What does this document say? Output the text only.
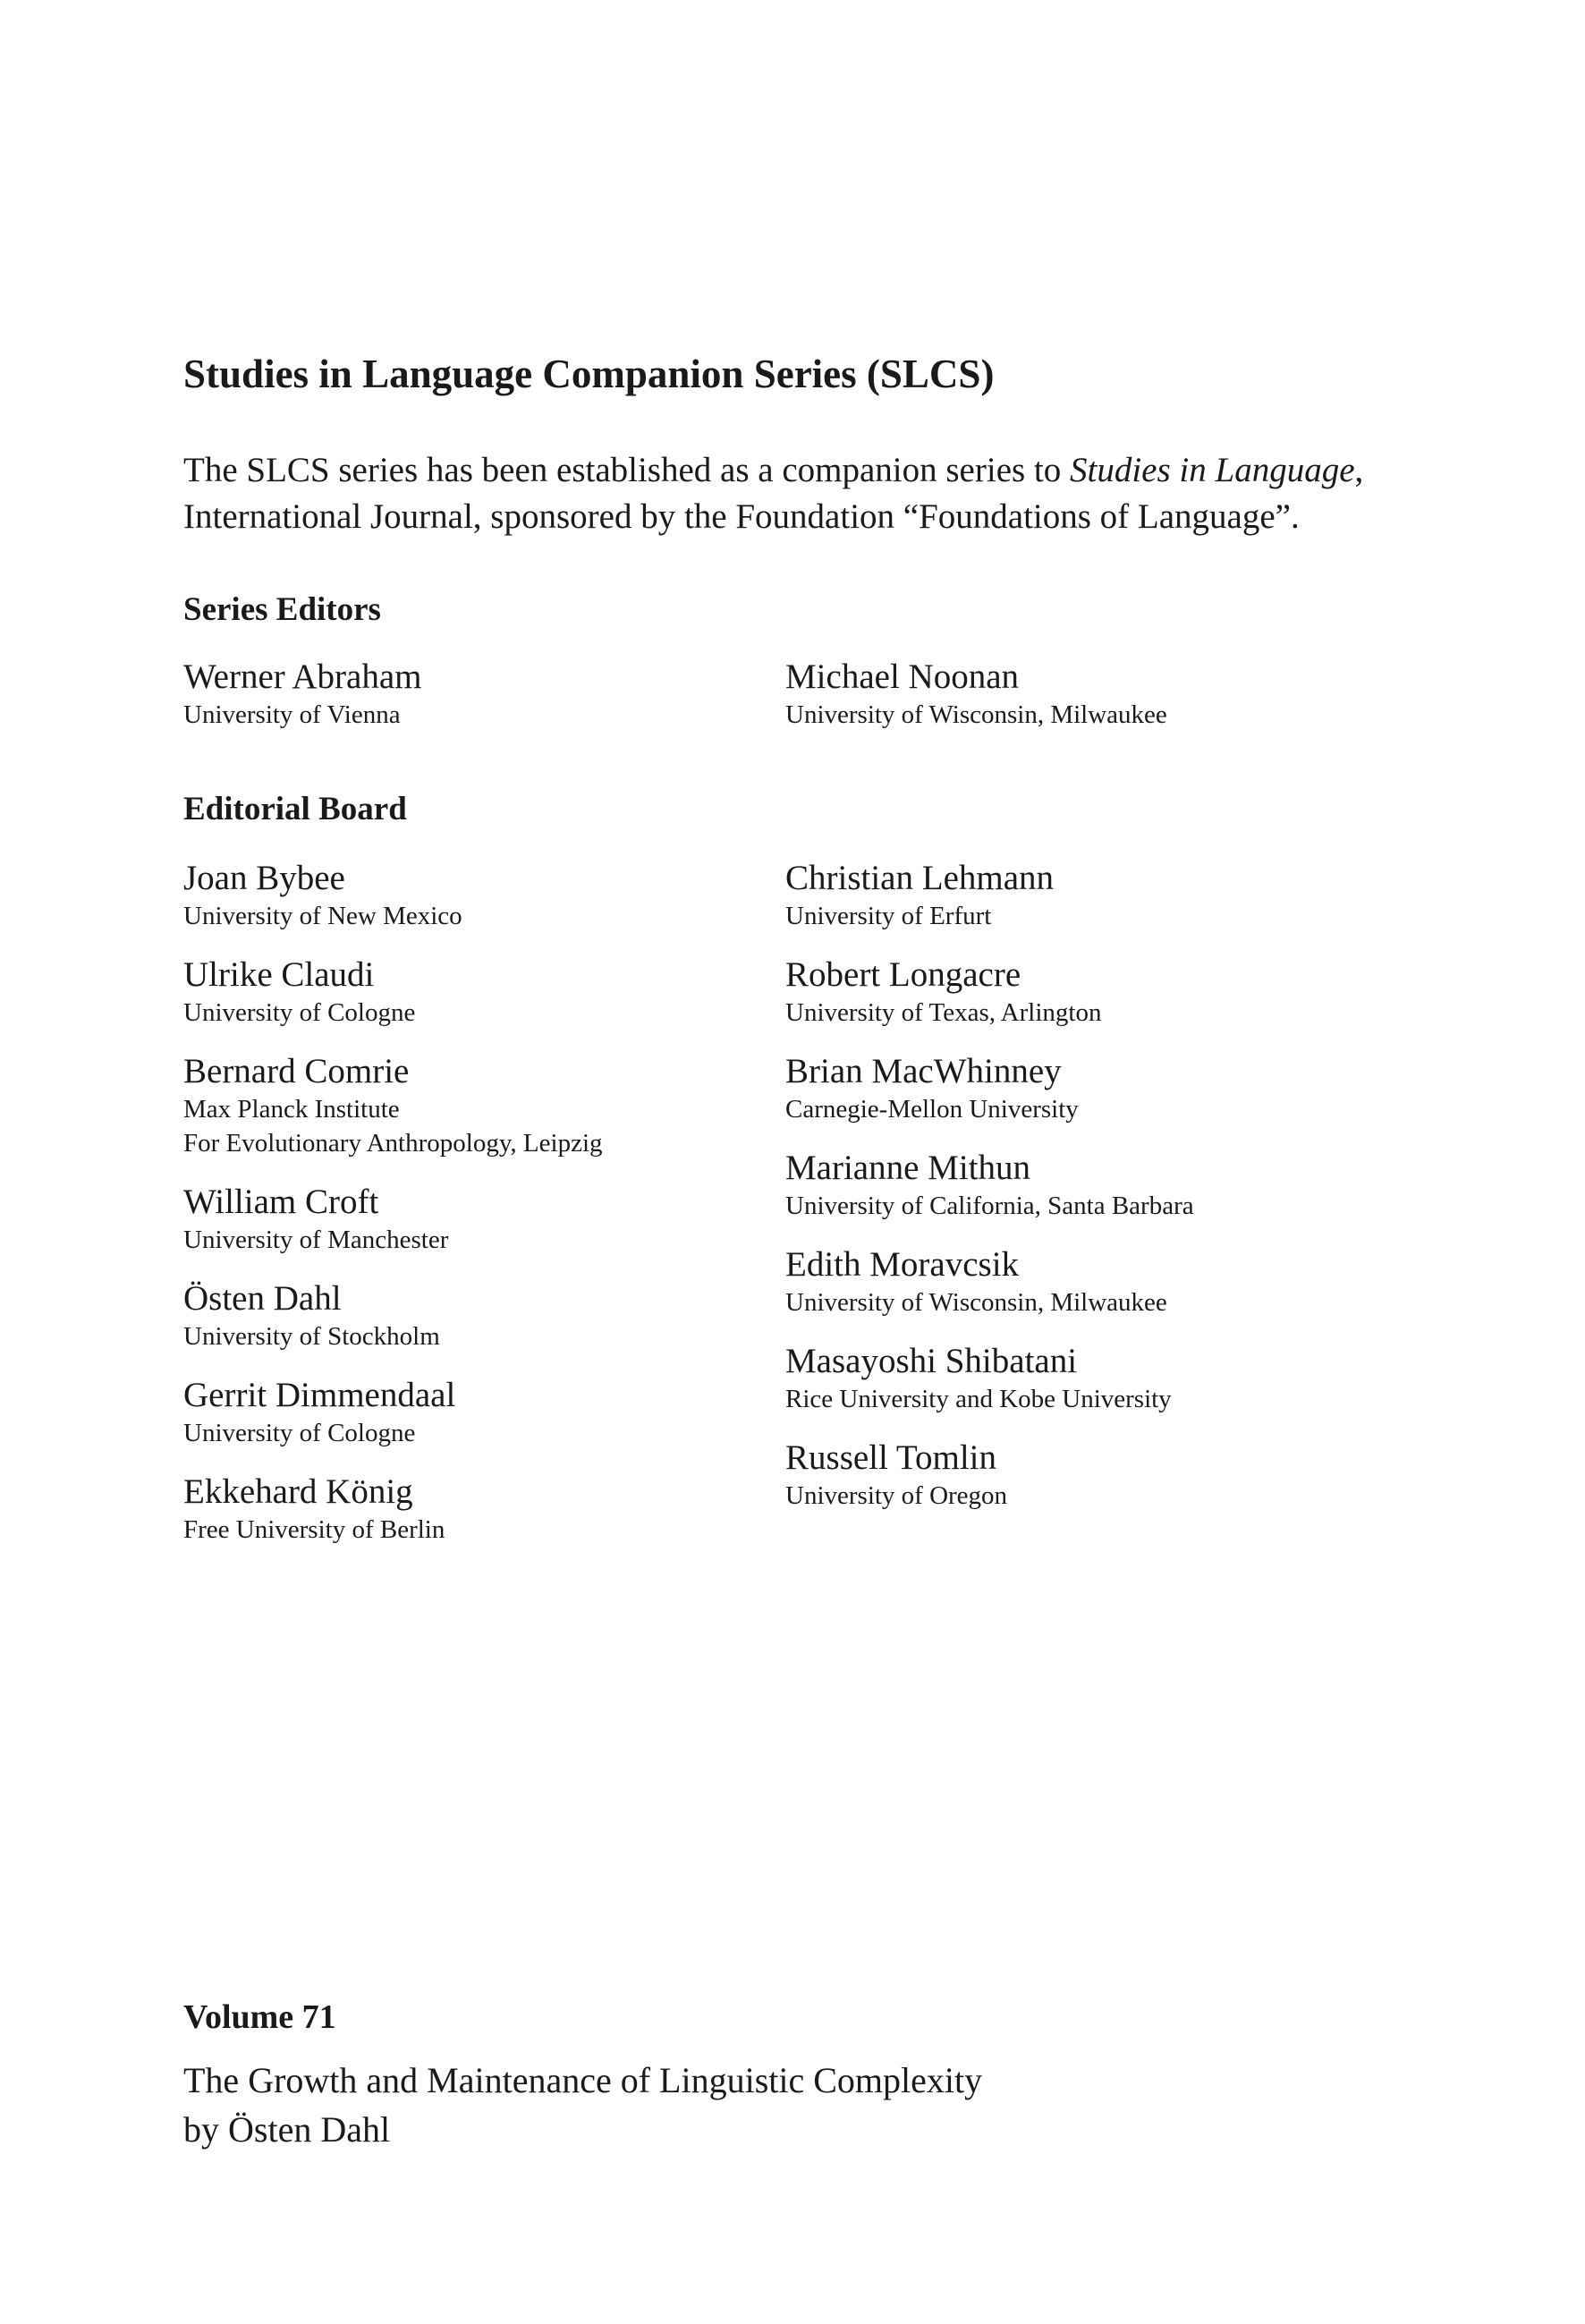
Studies in Language Companion Series (SLCS)

The SLCS series has been established as a companion series to Studies in Language,
International Journal, sponsored by the Foundation “Foundations of Language”.

Series Editors
Werner Abraham
University of Vienna
Michael Noonan
University of Wisconsin, Milwaukee
Editorial Board
Joan Bybee
University of New Mexico
Ulrike Claudi
University of Cologne
Bernard Comrie
Max Planck Institute
For Evolutionary Anthropology, Leipzig
William Croft
University of Manchester
Östen Dahl
University of Stockholm
Gerrit Dimmendaal
University of Cologne
Ekkehard König
Free University of Berlin
Christian Lehmann
University of Erfurt
Robert Longacre
University of Texas, Arlington
Brian MacWhinney
Carnegie-Mellon University
Marianne Mithun
University of California, Santa Barbara
Edith Moravcsik
University of Wisconsin, Milwaukee
Masayoshi Shibatani
Rice University and Kobe University
Russell Tomlin
University of Oregon
Volume 71

The Growth and Maintenance of Linguistic Complexity

by Östen Dahl
